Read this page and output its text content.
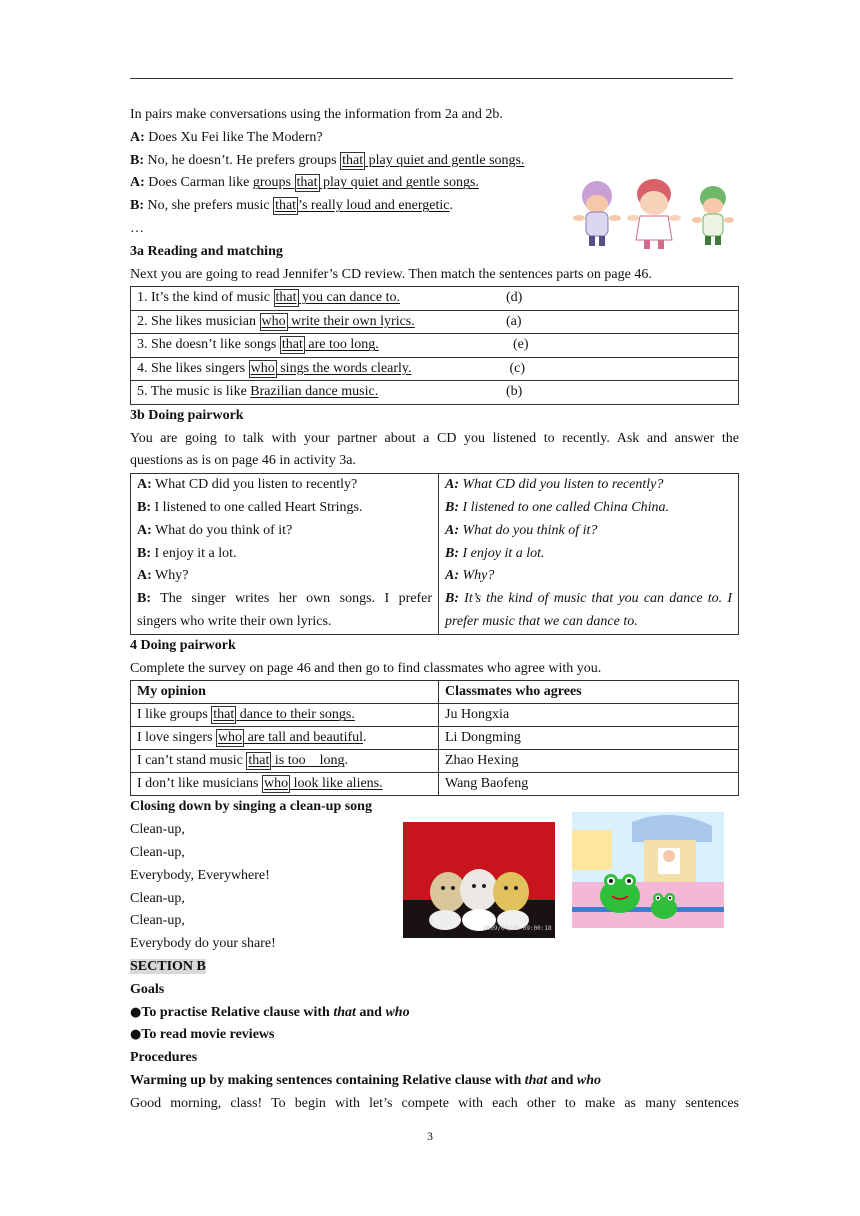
In pairs make conversations using the information from 2a and 2b.
A: Does Xu Fei like The Modern?
B: No, he doesn’t. He prefers groups that play quiet and gentle songs.
A: Does Carman like groups that play quiet and gentle songs.
B: No, she prefers music that ’s really loud and energetic.
…
3a Reading and matching
Next you are going to read Jennifer’s CD review. Then match the sentences parts on page 46.
1. It’s the kind of music that you can dance to.	(d)

2. She likes musician who write their own lyrics.	(a)

3. She doesn’t like songs that are too long.	(e)

4. She likes singers who sings the words clearly.	(c)

5. The music is like Brazilian dance music.	(b)
3b Doing pairwork
You are going to talk with your partner about a CD you listened to recently. Ask and answer the
questions as is on page 46 in activity 3a.
A: What CD did you listen to recently?
B: I listened to one called Heart Strings.
A: What do you think of it?
B: I enjoy it a lot.
A: Why?
B: The singer writes her own songs. I prefer
singers who write their own lyrics.

A: What CD did you listen to recently?
B: I listened to one called China China.
A: What do you think of it?
B: I enjoy it a lot.
A: Why?
B: It’s the kind of music that you can dance to. I
prefer music that we can dance to.
4 Doing pairwork
Complete the survey on page 46 and then go to find classmates who agree with you.
My opinion	Classmates who agrees
I like groups that dance to their songs.	Ju Hongxia
I love singers who are tall and beautiful.	Li Dongming
I can’t stand music that is too    long.	Zhao Hexing
I don’t like musicians who look like aliens.	Wang Baofeng
Closing down by singing a clean-up song
Clean-up,
Clean-up,
Everybody, Everywhere!
Clean-up,
Clean-up,
Everybody do your share!
SECTION B
Goals
●To practise Relative clause with that and who
●To read movie reviews
Procedures
Warming up by making sentences containing Relative clause with that and who
Good morning, class! To begin with let’s compete with each other to make as many sentences
2009/04/28 09:00:18
3
